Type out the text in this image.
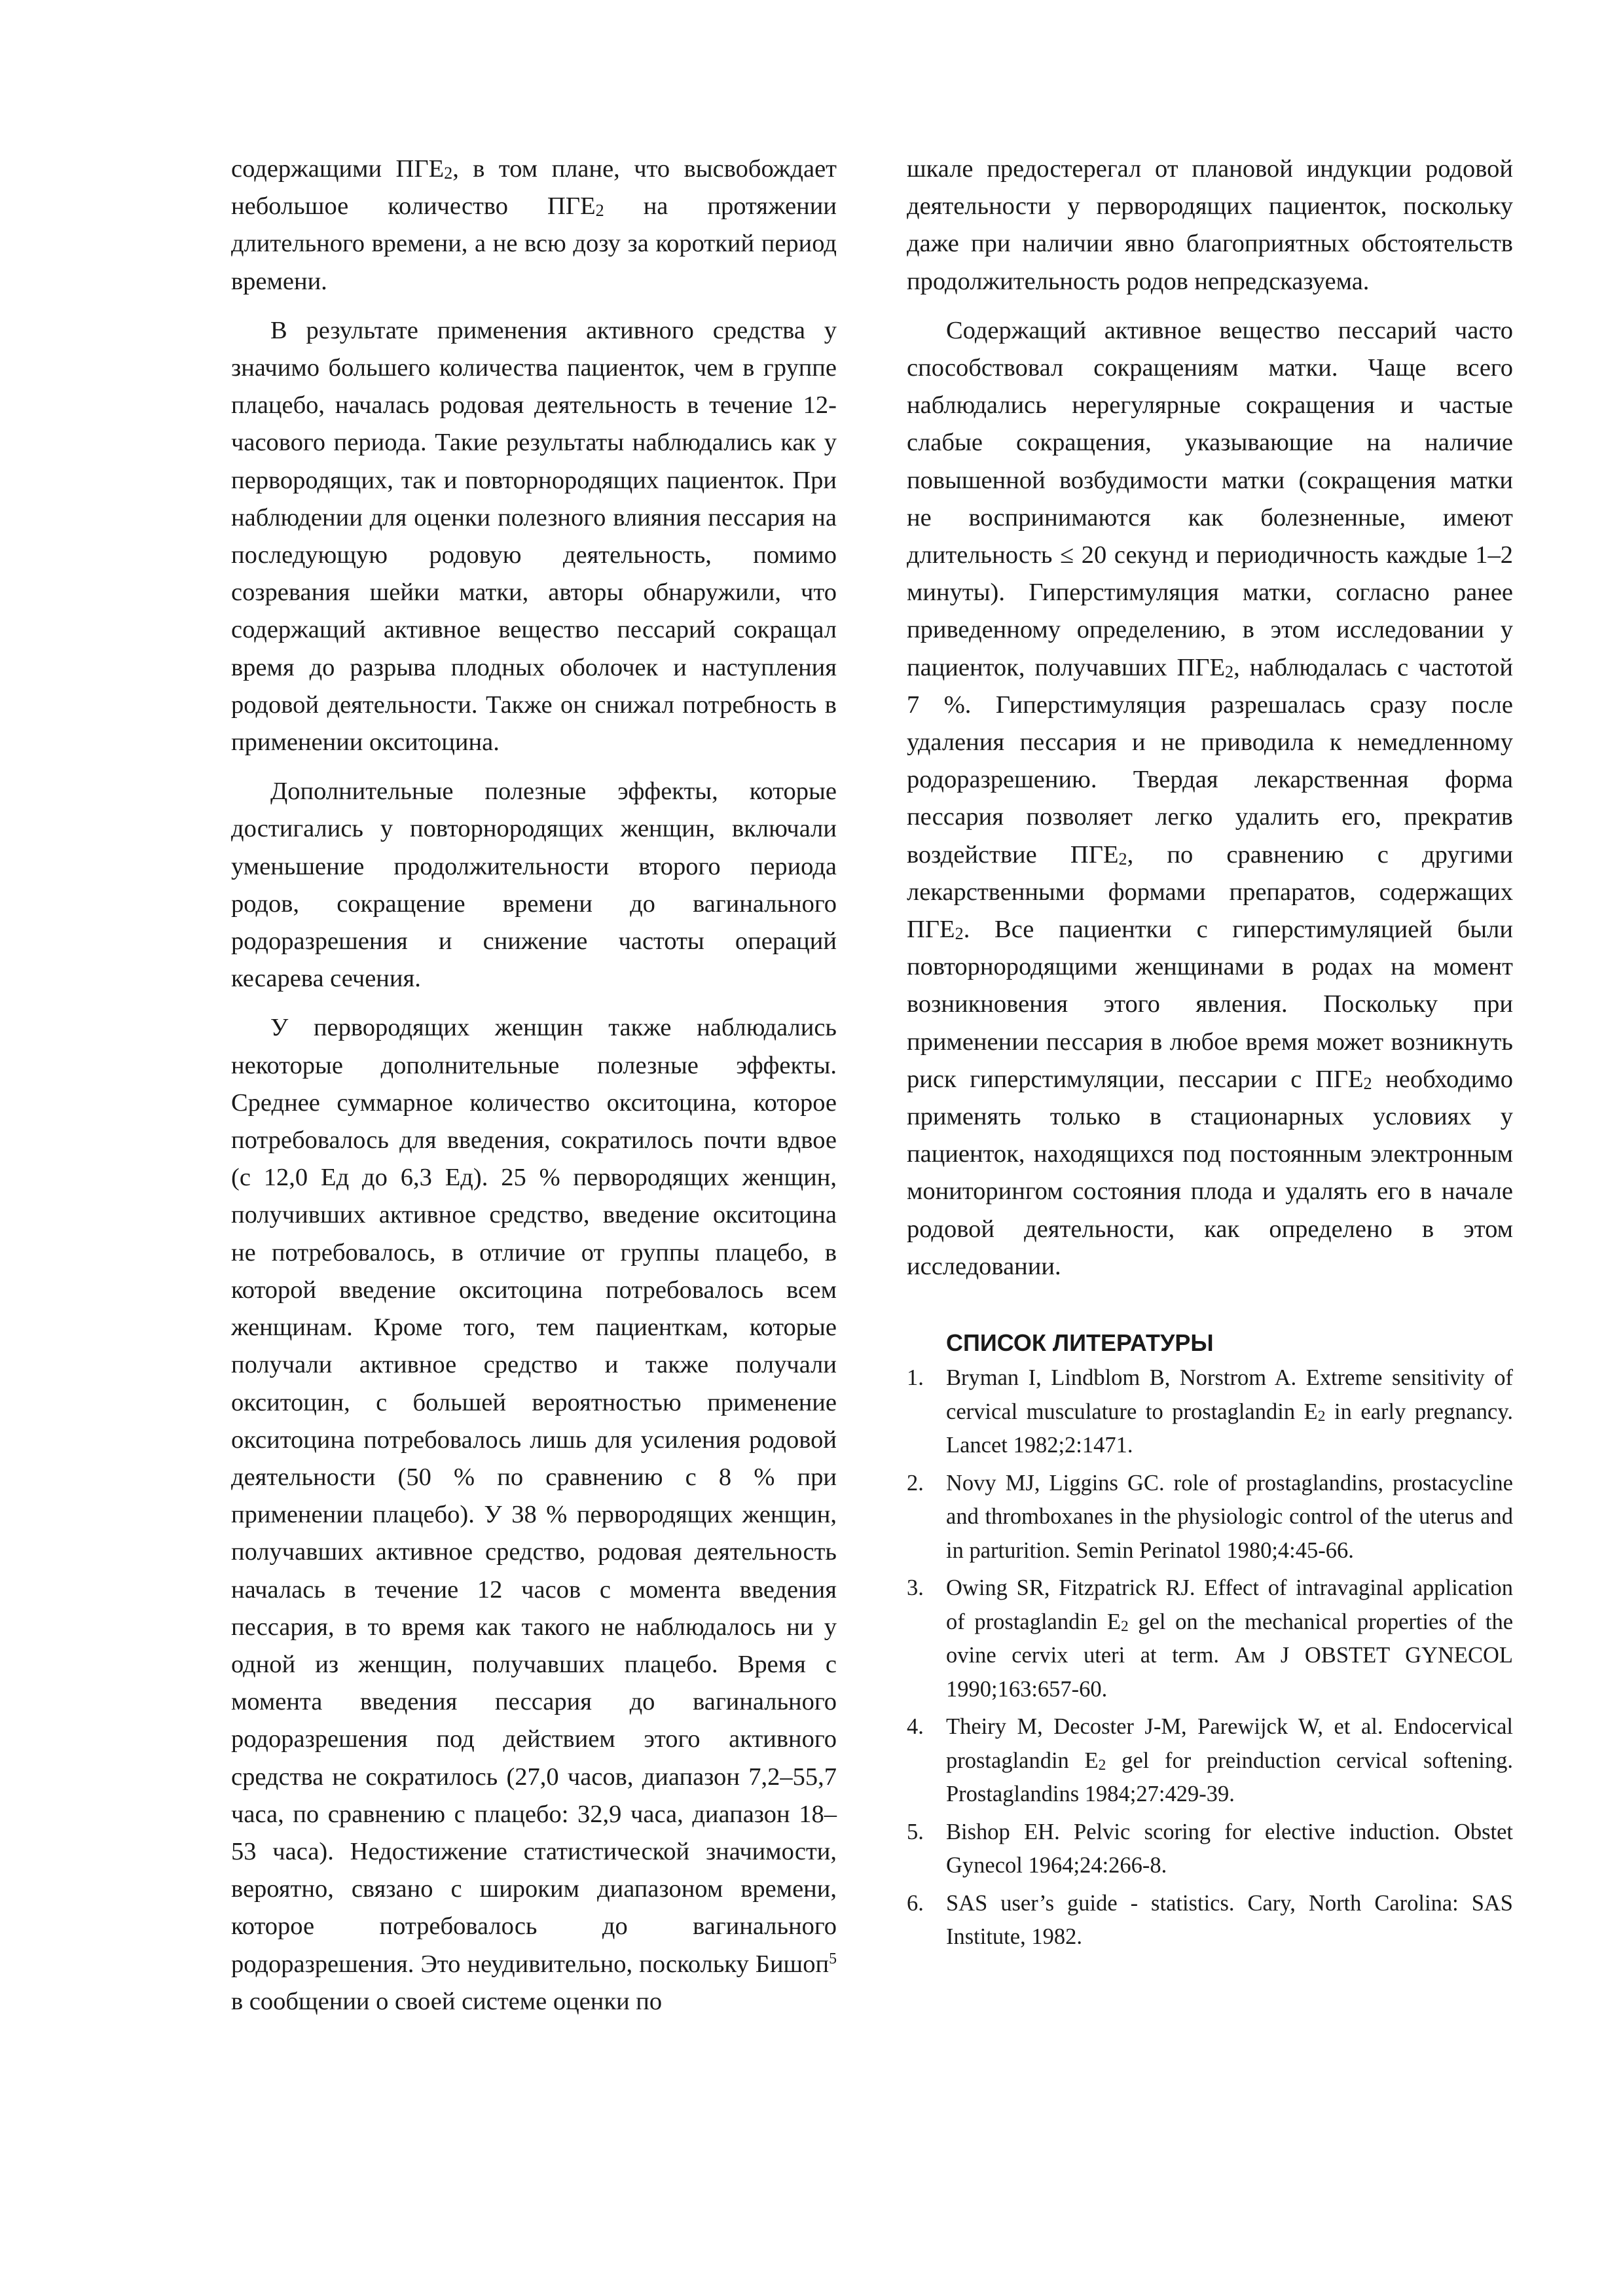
содержащими $ПГЕ_2$, в том плане, что высвобождает небольшое количество $ПГЕ_2$ на протяжении длительного времени, а не всю дозу за короткий период времени.

В результате применения активного средства у значимо большего количества пациенток, чем в группе плацебо, началась родовая деятельность в течение 12-часового периода. Такие результаты наблюдались как у первородящих, так и повторнородящих пациенток. При наблюдении для оценки полезного влияния пессария на последующую родовую деятельность, помимо созревания шейки матки, авторы обнаружили, что содержащий активное вещество пессарий сокращал время до разрыва плодных оболочек и наступления родовой деятельности. Также он снижал потребность в применении окситоцина.

Дополнительные полезные эффекты, которые достигались у повторнородящих женщин, включали уменьшение продолжительности второго периода родов, сокращение времени до вагинального родоразрешения и снижение частоты операций кесарева сечения.

У первородящих женщин также наблюдались некоторые дополнительные полезные эффекты. Среднее суммарное количество окситоцина, которое потребовалось для введения, сократилось почти вдвое (с 12,0 Ед до 6,3 Ед). 25 % первородящих женщин, получивших активное средство, введение окситоцина не потребовалось, в отличие от группы плацебо, в которой введение окситоцина потребовалось всем женщинам. Кроме того, тем пациенткам, которые получали активное средство и также получали окситоцин, с большей вероятностью применение окситоцина потребовалось лишь для усиления родовой деятельности (50 % по сравнению с 8 % при применении плацебо). У 38 % первородящих женщин, получавших активное средство, родовая деятельность началась в течение 12 часов с момента введения пессария, в то время как такого не наблюдалось ни у одной из женщин, получавших плацебо. Время с момента введения пессария до вагинального родоразрешения под действием этого активного средства не сократилось (27,0 часов, диапазон 7,2–55,7 часа, по сравнению с плацебо: 32,9 часа, диапазон 18–53 часа). Недостижение статистической значимости, вероятно, связано с широким диапазоном времени, которое потребовалось до вагинального родоразрешения. Это неудивительно, поскольку Бишоп$^5$ в сообщении о своей системе оценки по

шкале предостерегал от плановой индукции родовой деятельности у первородящих пациенток, поскольку даже при наличии явно благоприятных обстоятельств продолжительность родов непредсказуема.

Содержащий активное вещество пессарий часто способствовал сокращениям матки. Чаще всего наблюдались нерегулярные сокращения и частые слабые сокращения, указывающие на наличие повышенной возбудимости матки (сокращения матки не воспринимаются как болезненные, имеют длительность ≤ 20 секунд и периодичность каждые 1–2 минуты). Гиперстимуляция матки, согласно ранее приведенному определению, в этом исследовании у пациенток, получавших $ПГЕ_2$, наблюдалась с частотой 7 %. Гиперстимуляция разрешалась сразу после удаления пессария и не приводила к немедленному родоразрешению. Твердая лекарственная форма пессария позволяет легко удалить его, прекратив воздействие $ПГЕ_2$, по сравнению с другими лекарственными формами препаратов, содержащих $ПГЕ_2$. Все пациентки с гиперстимуляцией были повторнородящими женщинами в родах на момент возникновения этого явления. Поскольку при применении пессария в любое время может возникнуть риск гиперстимуляции, пессарии с $ПГЕ_2$ необходимо применять только в стационарных условиях у пациенток, находящихся под постоянным электронным мониторингом состояния плода и удалять его в начале родовой деятельности, как определено в этом исследовании.

СПИСОК ЛИТЕРАТУРЫ
1. Bryman I, Lindblom B, Norstrom A. Extreme sensitivity of cervical musculature to prostaglandin $E_2$ in early pregnancy. Lancet 1982;2:1471.
2. Novy MJ, Liggins GC. role of prostaglandins, prostacycline and thromboxanes in the physiologic control of the uterus and in parturition. Semin Perinatol 1980;4:45-66.
3. Owing SR, Fitzpatrick RJ. Effect of intravaginal application of prostaglandin $E_2$ gel on the mechanical properties of the ovine cervix uteri at term. Ам J OBSTET GYNECOL 1990;163:657-60.
4. Theiry M, Decoster J-M, Parewijck W, et al. Endocervical prostaglandin $E_2$ gel for preinduction cervical softening. Prostaglandins 1984;27:429-39.
5. Bishop EH. Pelvic scoring for elective induction. Obstet Gynecol 1964;24:266-8.
6. SAS user’s guide - statistics. Cary, North Carolina: SAS Institute, 1982.
